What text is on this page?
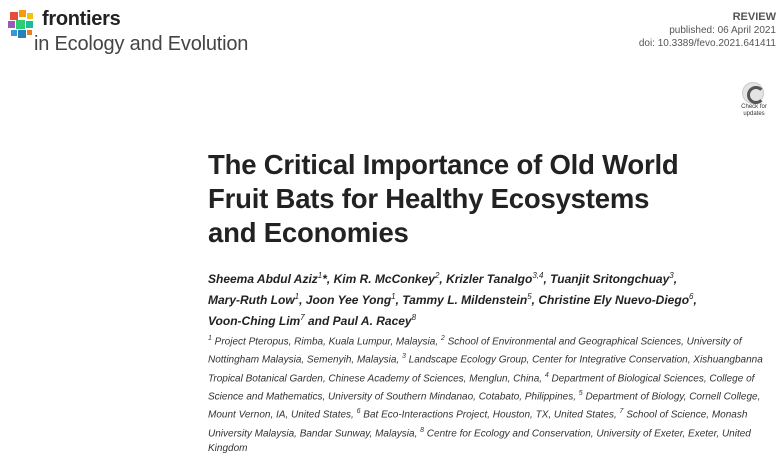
frontiers
in Ecology and Evolution
REVIEW
published: 06 April 2021
doi: 10.3389/fevo.2021.641411
Check for
updates
The Critical Importance of Old World
Fruit Bats for Healthy Ecosystems
and Economies
Sheema Abdul Aziz$^1$*, Kim R. McConkey$^2$, Krizler Tanalgo$^{3,4}$, Tuanjit Sritongchuay$^3$,
Mary-Ruth Low$^1$, Joon Yee Yong$^1$, Tammy L. Mildenstein$^5$, Christine Ely Nuevo-Diego$^6$,
Voon-Ching Lim$^7$ and Paul A. Racey$^8$
$^1$ Project Pteropus, Rimba, Kuala Lumpur, Malaysia, $^2$ School of Environmental and Geographical Sciences, University of Nottingham Malaysia, Semenyih, Malaysia, $^3$ Landscape Ecology Group, Center for Integrative Conservation, Xishuangbanna Tropical Botanical Garden, Chinese Academy of Sciences, Menglun, China, $^4$ Department of Biological Sciences, College of Science and Mathematics, University of Southern Mindanao, Cotabato, Philippines, $^5$ Department of Biology, Cornell College, Mount Vernon, IA, United States, $^6$ Bat Eco-Interactions Project, Houston, TX, United States, $^7$ School of Science, Monash University Malaysia, Bandar Sunway, Malaysia, $^8$ Centre for Ecology and Conservation, University of Exeter, Exeter, United Kingdom
